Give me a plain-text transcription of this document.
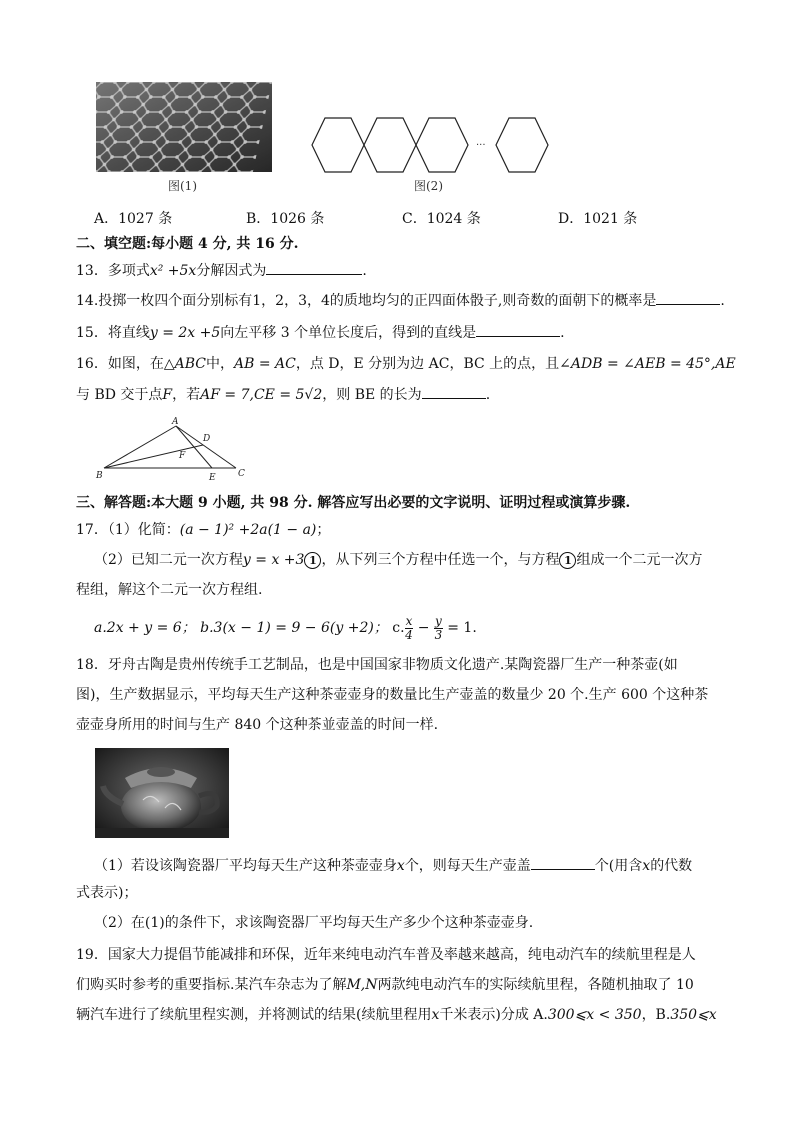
图(1)
···
图(2)
A．1027 条	B．1026 条	C．1024 条	D．1021 条
二、填空题:每小题 4 分, 共 16 分.
13．多项式x² +5x分解因式为	.
14.投掷一枚四个面分别标有1，2，3，4的质地均匀的正四面体骰子,则奇数的面朝下的概率是	.
15．将直线y = 2x +5向左平移 3 个单位长度后，得到的直线是	.
16．如图，在△ABC中，AB = AC，点 D，E 分别为边 AC，BC 上的点，且∠ADB = ∠AEB = 45°,AE
与 BD 交于点F，若AF = 7,CE = 5√2，则 BE 的长为	.
A
B	C
D
E
F
三、解答题:本大题 9 小题, 共 98 分. 解答应写出必要的文字说明、证明过程或演算步骤.
17．（1）化简：(a − 1)² +2a(1 − a)；
（2）已知二元一次方程y = x +3 1 ，从下列三个方程中任选一个，与方程 1 组成一个二元一次方
程组，解这个二元一次方程组.
a.2x + y = 6； b.3(x − 1) = 9 − 6(y +2)； c. $\frac{x}{4} - \frac{y}{3} = 1$.
18．牙舟古陶是贵州传统手工艺制品，也是中国国家非物质文化遗产.某陶瓷器厂生产一种茶壶(如
图)，生产数据显示，平均每天生产这种茶壶壶身的数量比生产壶盖的数量少 20 个.生产 600 个这种茶
壶壶身所用的时间与生产 840 个这种茶並壶盖的时间一样.
（1）若设该陶瓷器厂平均每天生产这种茶壶壶身x个，则每天生产壶盖	个(用含x的代数
式表示)；
（2）在(1)的条件下，求该陶瓷器厂平均每天生产多少个这种茶壶壶身.
19．国家大力提倡节能减排和环保，近年来纯电动汽车普及率越来越高，纯电动汽车的续航里程是人
们购买时参考的重要指标.某汽车杂志为了解M,N两款纯电动汽车的实际续航里程，各随机抽取了 10
辆汽车进行了续航里程实测，并将测试的结果(续航里程用x千米表示)分成 A.300⩽x < 350，B.350⩽x
